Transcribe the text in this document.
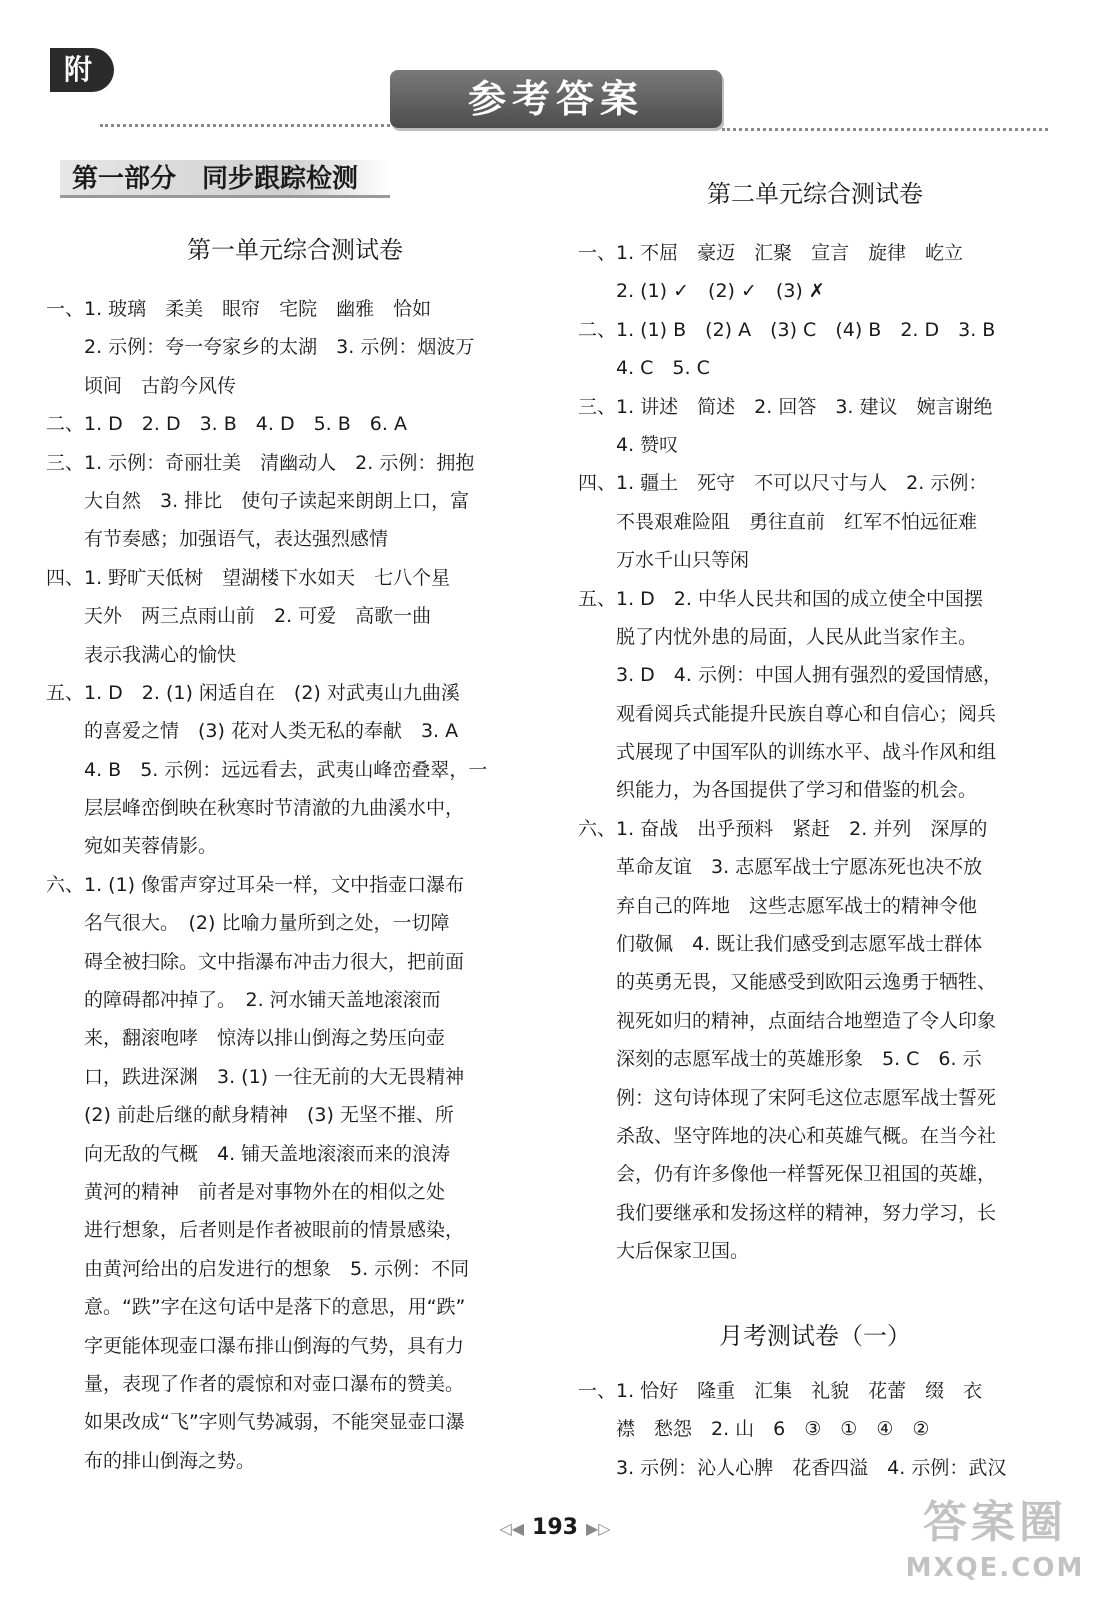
附
参考答案
第一部分　同步跟踪检测
第一单元综合测试卷
一、1. 玻璃　柔美　眼帘　宅院　幽雅　恰如
　　2. 示例：夸一夸家乡的太湖　3. 示例：烟波万
　　顷间　古韵今风传
二、1. D　2. D　3. B　4. D　5. B　6. A
三、1. 示例：奇丽壮美　清幽动人　2. 示例：拥抱
　　大自然　3. 排比　使句子读起来朗朗上口，富
　　有节奏感；加强语气，表达强烈感情
四、1. 野旷天低树　望湖楼下水如天　七八个星
　　天外　两三点雨山前　2. 可爱　高歌一曲
　　表示我满心的愉快
五、1. D　2. (1) 闲适自在　(2) 对武夷山九曲溪
　　的喜爱之情　(3) 花对人类无私的奉献　3. A
　　4. B　5. 示例：远远看去，武夷山峰峦叠翠，一
　　层层峰峦倒映在秋寒时节清澈的九曲溪水中，
　　宛如芙蓉倩影。
六、1. (1) 像雷声穿过耳朵一样，文中指壶口瀑布
　　名气很大。　(2) 比喻力量所到之处，一切障
　　碍全被扫除。文中指瀑布冲击力很大，把前面
　　的障碍都冲掉了。　2. 河水铺天盖地滚滚而
　　来，翻滚咆哮　惊涛以排山倒海之势压向壶
　　口，跌进深渊　3. (1) 一往无前的大无畏精神
　　(2) 前赴后继的献身精神　(3) 无坚不摧、所
　　向无敌的气概　4. 铺天盖地滚滚而来的浪涛
　　黄河的精神　前者是对事物外在的相似之处
　　进行想象，后者则是作者被眼前的情景感染，
　　由黄河给出的启发进行的想象　5. 示例：不同
　　意。“跌”字在这句话中是落下的意思，用“跌”
　　字更能体现壶口瀑布排山倒海的气势，具有力
　　量，表现了作者的震惊和对壶口瀑布的赞美。
　　如果改成“飞”字则气势减弱，不能突显壶口瀑
　　布的排山倒海之势。
第二单元综合测试卷
一、1. 不屈　豪迈　汇聚　宣言　旋律　屹立
　　2. (1) ✓　(2) ✓　(3) ✗
二、1. (1) B　(2) A　(3) C　(4) B　2. D　3. B
　　4. C　5. C
三、1. 讲述　简述　2. 回答　3. 建议　婉言谢绝
　　4. 赞叹
四、1. 疆土　死守　不可以尺寸与人　2. 示例：
　　不畏艰难险阻　勇往直前　红军不怕远征难
　　万水千山只等闲
五、1. D　2. 中华人民共和国的成立使全中国摆
　　脱了内忧外患的局面，人民从此当家作主。
　　3. D　4. 示例：中国人拥有强烈的爱国情感，
　　观看阅兵式能提升民族自尊心和自信心；阅兵
　　式展现了中国军队的训练水平、战斗作风和组
　　织能力，为各国提供了学习和借鉴的机会。
六、1. 奋战　出乎预料　紧赶　2. 并列　深厚的
　　革命友谊　3. 志愿军战士宁愿冻死也决不放
　　弃自己的阵地　这些志愿军战士的精神令他
　　们敬佩　4. 既让我们感受到志愿军战士群体
　　的英勇无畏，又能感受到欧阳云逸勇于牺牲、
　　视死如归的精神，点面结合地塑造了令人印象
　　深刻的志愿军战士的英雄形象　5. C　6. 示
　　例：这句诗体现了宋阿毛这位志愿军战士誓死
　　杀敌、坚守阵地的决心和英雄气概。在当今社
　　会，仍有许多像他一样誓死保卫祖国的英雄，
　　我们要继承和发扬这样的精神，努力学习，长
　　大后保家卫国。
月考测试卷（一）
一、1. 恰好　隆重　汇集　礼貌　花蕾　缀　衣
　　襟　愁怨　2. 山　6　③　①　④　②
　　3. 示例：沁人心脾　花香四溢　4. 示例：武汉
◁◀ 193 ▶▷	答案圈
MXQE.COM
